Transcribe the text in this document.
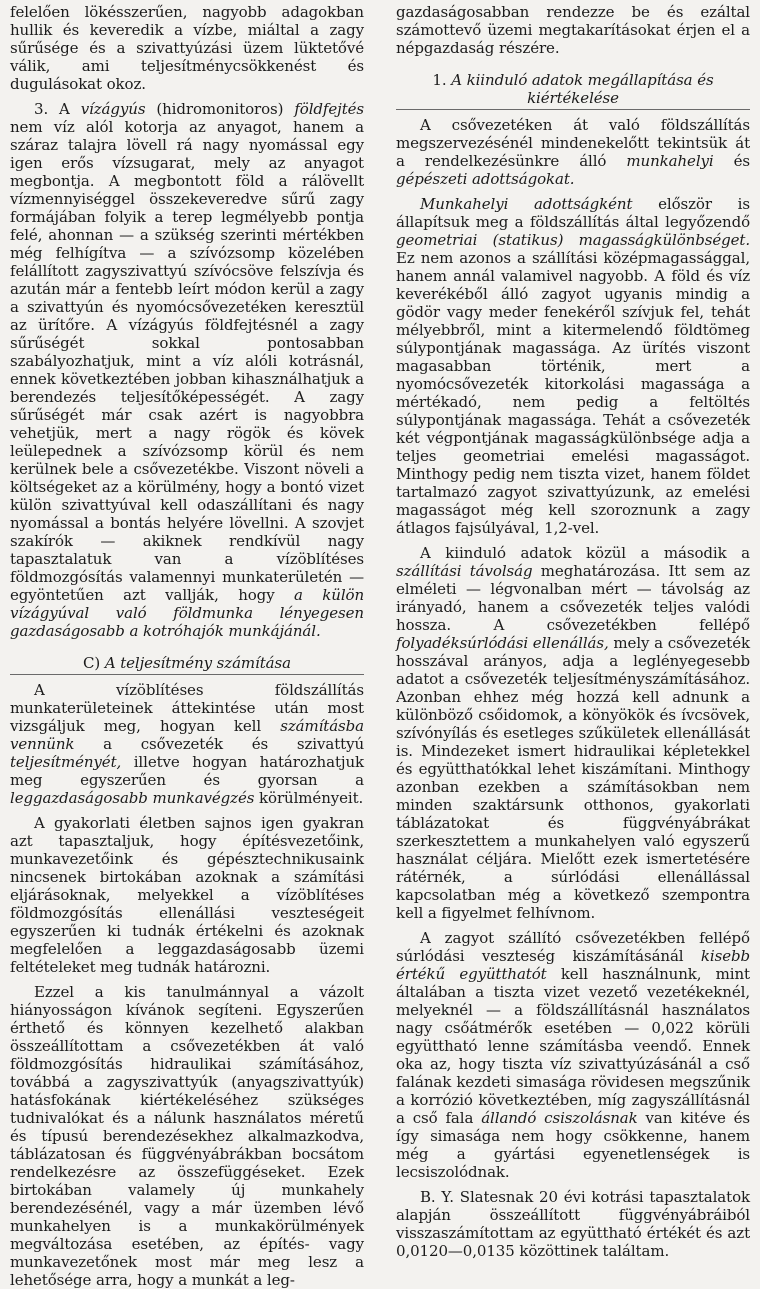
felelően lökésszerűen, nagyobb adagokban hullik és keveredik a vízbe, miáltal a zagy sűrűsége és a szivattyúzási üzem lüktetővé válik, ami teljesítménycsökkenést és dugulásokat okoz.

3. A vízágyús (hidromonitoros) földfejtés nem víz alól kotorja az anyagot, hanem a száraz talajra lövell rá nagy nyomással egy igen erős vízsugarat, mely az anyagot megbontja. A megbontott föld a rálövellt vízmennyiséggel összekeveredve sűrű zagy formájában folyik a terep legmélyebb pontja felé, ahonnan — a szükség szerinti mértékben még felhígítva — a szívózsomp közelében felállított zagyszivattyú szívócsöve felszívja és azután már a fentebb leírt módon kerül a zagy a szivattyún és nyomócsővezetéken keresztül az ürítőre. A vízágyús földfejtésnél a zagy sűrűségét sokkal pontosabban szabályozhatjuk, mint a víz alóli kotrásnál, ennek következtében jobban kihasználhatjuk a berendezés teljesítőképességét. A zagy sűrűségét már csak azért is nagyobbra vehetjük, mert a nagy rögök és kövek leülepednek a szívózsomp körül és nem kerülnek bele a csővezetékbe. Viszont növeli a költségeket az a körülmény, hogy a bontó vizet külön szivattyúval kell odaszállítani és nagy nyomással a bontás helyére lövellni. A szovjet szakírók — akiknek rendkívül nagy tapasztalatuk van a vízöblítéses földmozgósítás valamennyi munkaterületén — egyöntetűen azt vallják, hogy a külön vízágyúval való földmunka lényegesen gazdaságosabb a kotróhajók munkájánál.

C) A teljesítmény számítása

A vízöblítéses földszállítás munkaterületeinek áttekintése után most vizsgáljuk meg, hogyan kell számításba vennünk a csővezeték és szivattyú teljesítményét, illetve hogyan határozhatjuk meg egyszerűen és gyorsan a leggazdaságosabb munkavégzés körülményeit.

A gyakorlati életben sajnos igen gyakran azt tapasztaljuk, hogy építésvezetőink, munkavezetőink és gépésztechnikusaink nincsenek birtokában azoknak a számítási eljárásoknak, melyekkel a vízöblítéses földmozgósítás ellenállási veszteségeit egyszerűen ki tudnák értékelni és azoknak megfelelően a leggazdaságosabb üzemi feltételeket meg tudnák határozni.

Ezzel a kis tanulmánnyal a vázolt hiányosságon kívánok segíteni. Egyszerűen érthető és könnyen kezelhető alakban összeállítottam a csővezetékben át való földmozgósítás hidraulikai számításához, továbbá a zagyszivattyúk (anyagszivattyúk) hatásfokának kiértékeléséhez szükséges tudnivalókat és a nálunk használatos méretű és típusú berendezésekhez alkalmazkodva, táblázatosan és függvényábrákban bocsátom rendelkezésre az összefüggéseket. Ezek birtokában valamely új munkahely berendezésénél, vagy a már üzemben lévő munkahelyen is a munkakörülmények megváltozása esetében, az építés- vagy munkavezetőnek most már meg lesz a lehetősége arra, hogy a munkát a leg-

gazdaságosabban rendezze be és ezáltal számottevő üzemi megtakarításokat érjen el a népgazdaság részére.

1. A kiinduló adatok megállapítása és kiértékelése

A csővezetéken át való földszállítás megszervezésénél mindenekelőtt tekintsük át a rendelkezésünkre álló munkahelyi és gépészeti adottságokat.

Munkahelyi adottságként először is állapítsuk meg a földszállítás által legyőzendő geometriai (statikus) magasságkülönbséget. Ez nem azonos a szállítási középmagassággal, hanem annál valamivel nagyobb. A föld és víz keverékéből álló zagyot ugyanis mindig a gödör vagy meder fenekéről szívjuk fel, tehát mélyebbről, mint a kitermelendő földtömeg súlypontjának magassága. Az ürítés viszont magasabban történik, mert a nyomócsővezeték kitorkolási magassága a mértékadó, nem pedig a feltöltés súlypontjának magassága. Tehát a csővezeték két végpontjának magasságkülönbsége adja a teljes geometriai emelési magasságot. Minthogy pedig nem tiszta vizet, hanem földet tartalmazó zagyot szivattyúzunk, az emelési magasságot még kell szoroznunk a zagy átlagos fajsúlyával, 1,2-vel.

A kiinduló adatok közül a második a szállítási távolság meghatározása. Itt sem az elméleti — légvonalban mért — távolság az irányadó, hanem a csővezeték teljes valódi hossza. A csővezetékben fellépő folyadéksúrlódási ellenállás, mely a csővezeték hosszával arányos, adja a leglényegesebb adatot a csővezeték teljesítményszámításához. Azonban ehhez még hozzá kell adnunk a különböző csőidomok, a könyökök és ívcsövek, szívónyílás és esetleges szűkületek ellenállását is. Mindezeket ismert hidraulikai képletekkel és együtthatókkal lehet kiszámítani. Minthogy azonban ezekben a számításokban nem minden szaktársunk otthonos, gyakorlati táblázatokat és függvényábrákat szerkesztettem a munkahelyen való egyszerű használat céljára. Mielőtt ezek ismertetésére rátérnék, a súrlódási ellenállással kapcsolatban még a következő szempontra kell a figyelmet felhívnom.

A zagyot szállító csővezetékben fellépő súrlódási veszteség kiszámításánál kisebb értékű együtthatót kell használnunk, mint általában a tiszta vizet vezető vezetékeknél, melyeknél — a földszállításnál használatos nagy csőátmérők esetében — 0,022 körüli együttható lenne számításba veendő. Ennek oka az, hogy tiszta víz szivattyúzásánál a cső falának kezdeti simasága rövidesen megszűnik a korrózió következtében, míg zagyszállításnál a cső fala állandó csiszolásnak van kitéve és így simasága nem hogy csökkenne, hanem még a gyártási egyenetlenségek is lecsiszolódnak.

B. Y. Slatesnak 20 évi kotrási tapasztalatok alapján összeállított függvényábráiból visszaszámítottam az együttható értékét és azt 0,0120—0,0135 közöttinek találtam.
